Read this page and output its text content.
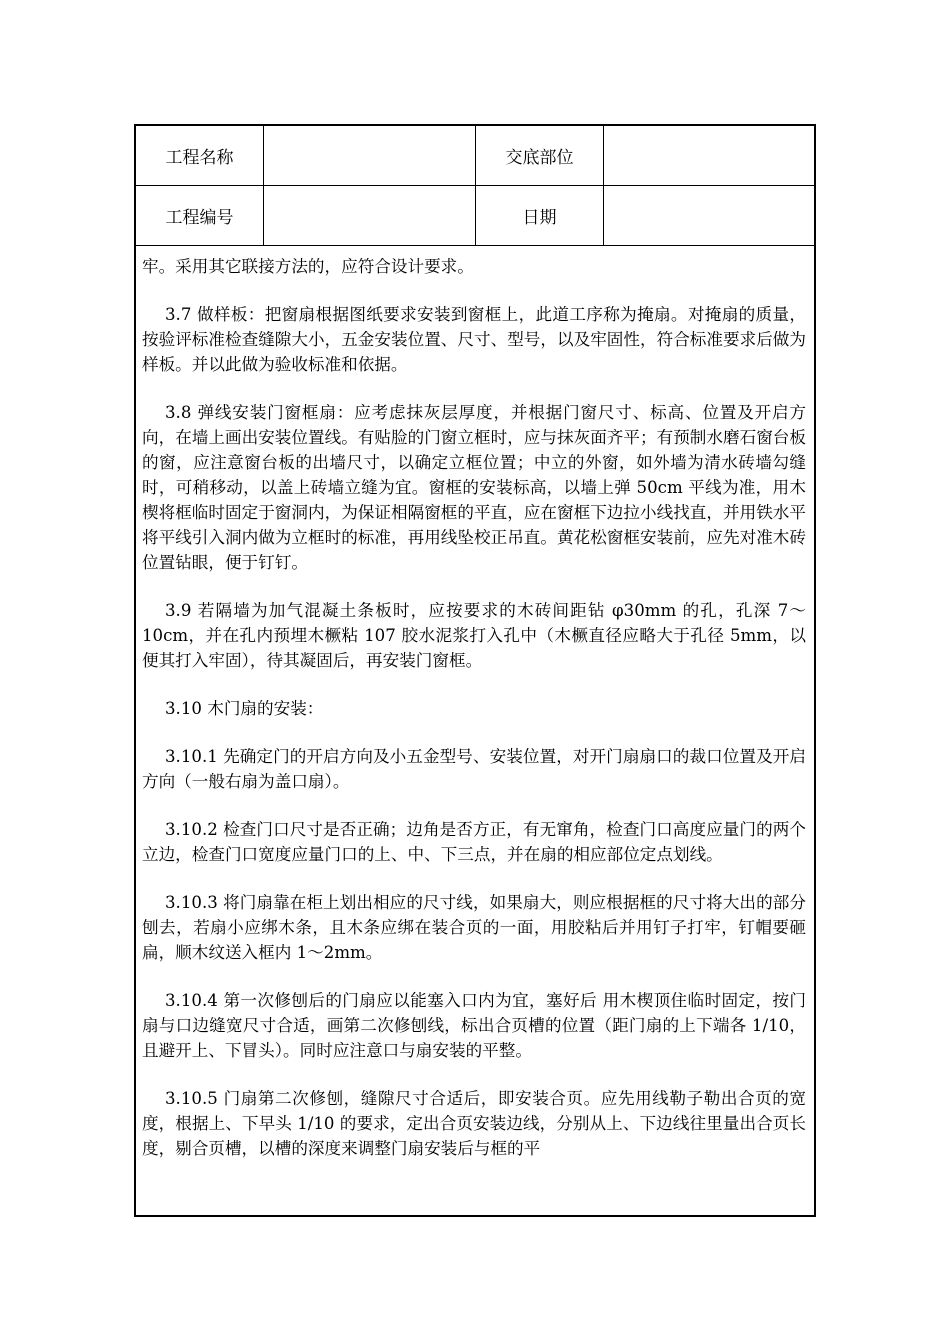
工程名称	交底部位
工程编号	日期

牢。采用其它联接方法的，应符合设计要求。

3.7 做样板：把窗扇根据图纸要求安装到窗框上，此道工序称为掩扇。对掩扇的质量，按验评标准检查缝隙大小，五金安装位置、尺寸、型号，以及牢固性，符合标准要求后做为样板。并以此做为验收标准和依据。

3.8 弹线安装门窗框扇：应考虑抹灰层厚度，并根据门窗尺寸、标高、位置及开启方向，在墙上画出安装位置线。有贴脸的门窗立框时，应与抹灰面齐平；有预制水磨石窗台板的窗，应注意窗台板的出墙尺寸，以确定立框位置；中立的外窗，如外墙为清水砖墙勾缝时，可稍移动，以盖上砖墙立缝为宜。窗框的安装标高，以墙上弹 50cm 平线为准，用木楔将框临时固定于窗洞内，为保证相隔窗框的平直，应在窗框下边拉小线找直，并用铁水平将平线引入洞内做为立框时的标准，再用线坠校正吊直。黄花松窗框安装前，应先对准木砖位置钻眼，便于钉钉。

3.9 若隔墙为加气混凝土条板时，应按要求的木砖间距钻 φ30mm 的孔，孔深 7～10cm，并在孔内预埋木橛粘 107 胶水泥浆打入孔中（木橛直径应略大于孔径 5mm，以便其打入牢固），待其凝固后，再安装门窗框。

3.10 木门扇的安装：

3.10.1 先确定门的开启方向及小五金型号、安装位置，对开门扇扇口的裁口位置及开启方向（一般右扇为盖口扇）。

3.10.2 检查门口尺寸是否正确；边角是否方正，有无窜角，检查门口高度应量门的两个立边，检查门口宽度应量门口的上、中、下三点，并在扇的相应部位定点划线。

3.10.3 将门扇靠在柜上划出相应的尺寸线，如果扇大，则应根据框的尺寸将大出的部分刨去，若扇小应绑木条，且木条应绑在装合页的一面，用胶粘后并用钉子打牢，钉帽要砸扁，顺木纹送入框内 1～2mm。

3.10.4 第一次修刨后的门扇应以能塞入口内为宜，塞好后 用木楔顶住临时固定，按门扇与口边缝宽尺寸合适，画第二次修刨线，标出合页槽的位置（距门扇的上下端各 1/10，且避开上、下冒头）。同时应注意口与扇安装的平整。

3.10.5 门扇第二次修刨，缝隙尺寸合适后，即安装合页。应先用线勒子勒出合页的宽度，根据上、下早头 1/10 的要求，定出合页安装边线，分别从上、下边线往里量出合页长度，剔合页槽，以槽的深度来调整门扇安装后与框的平
